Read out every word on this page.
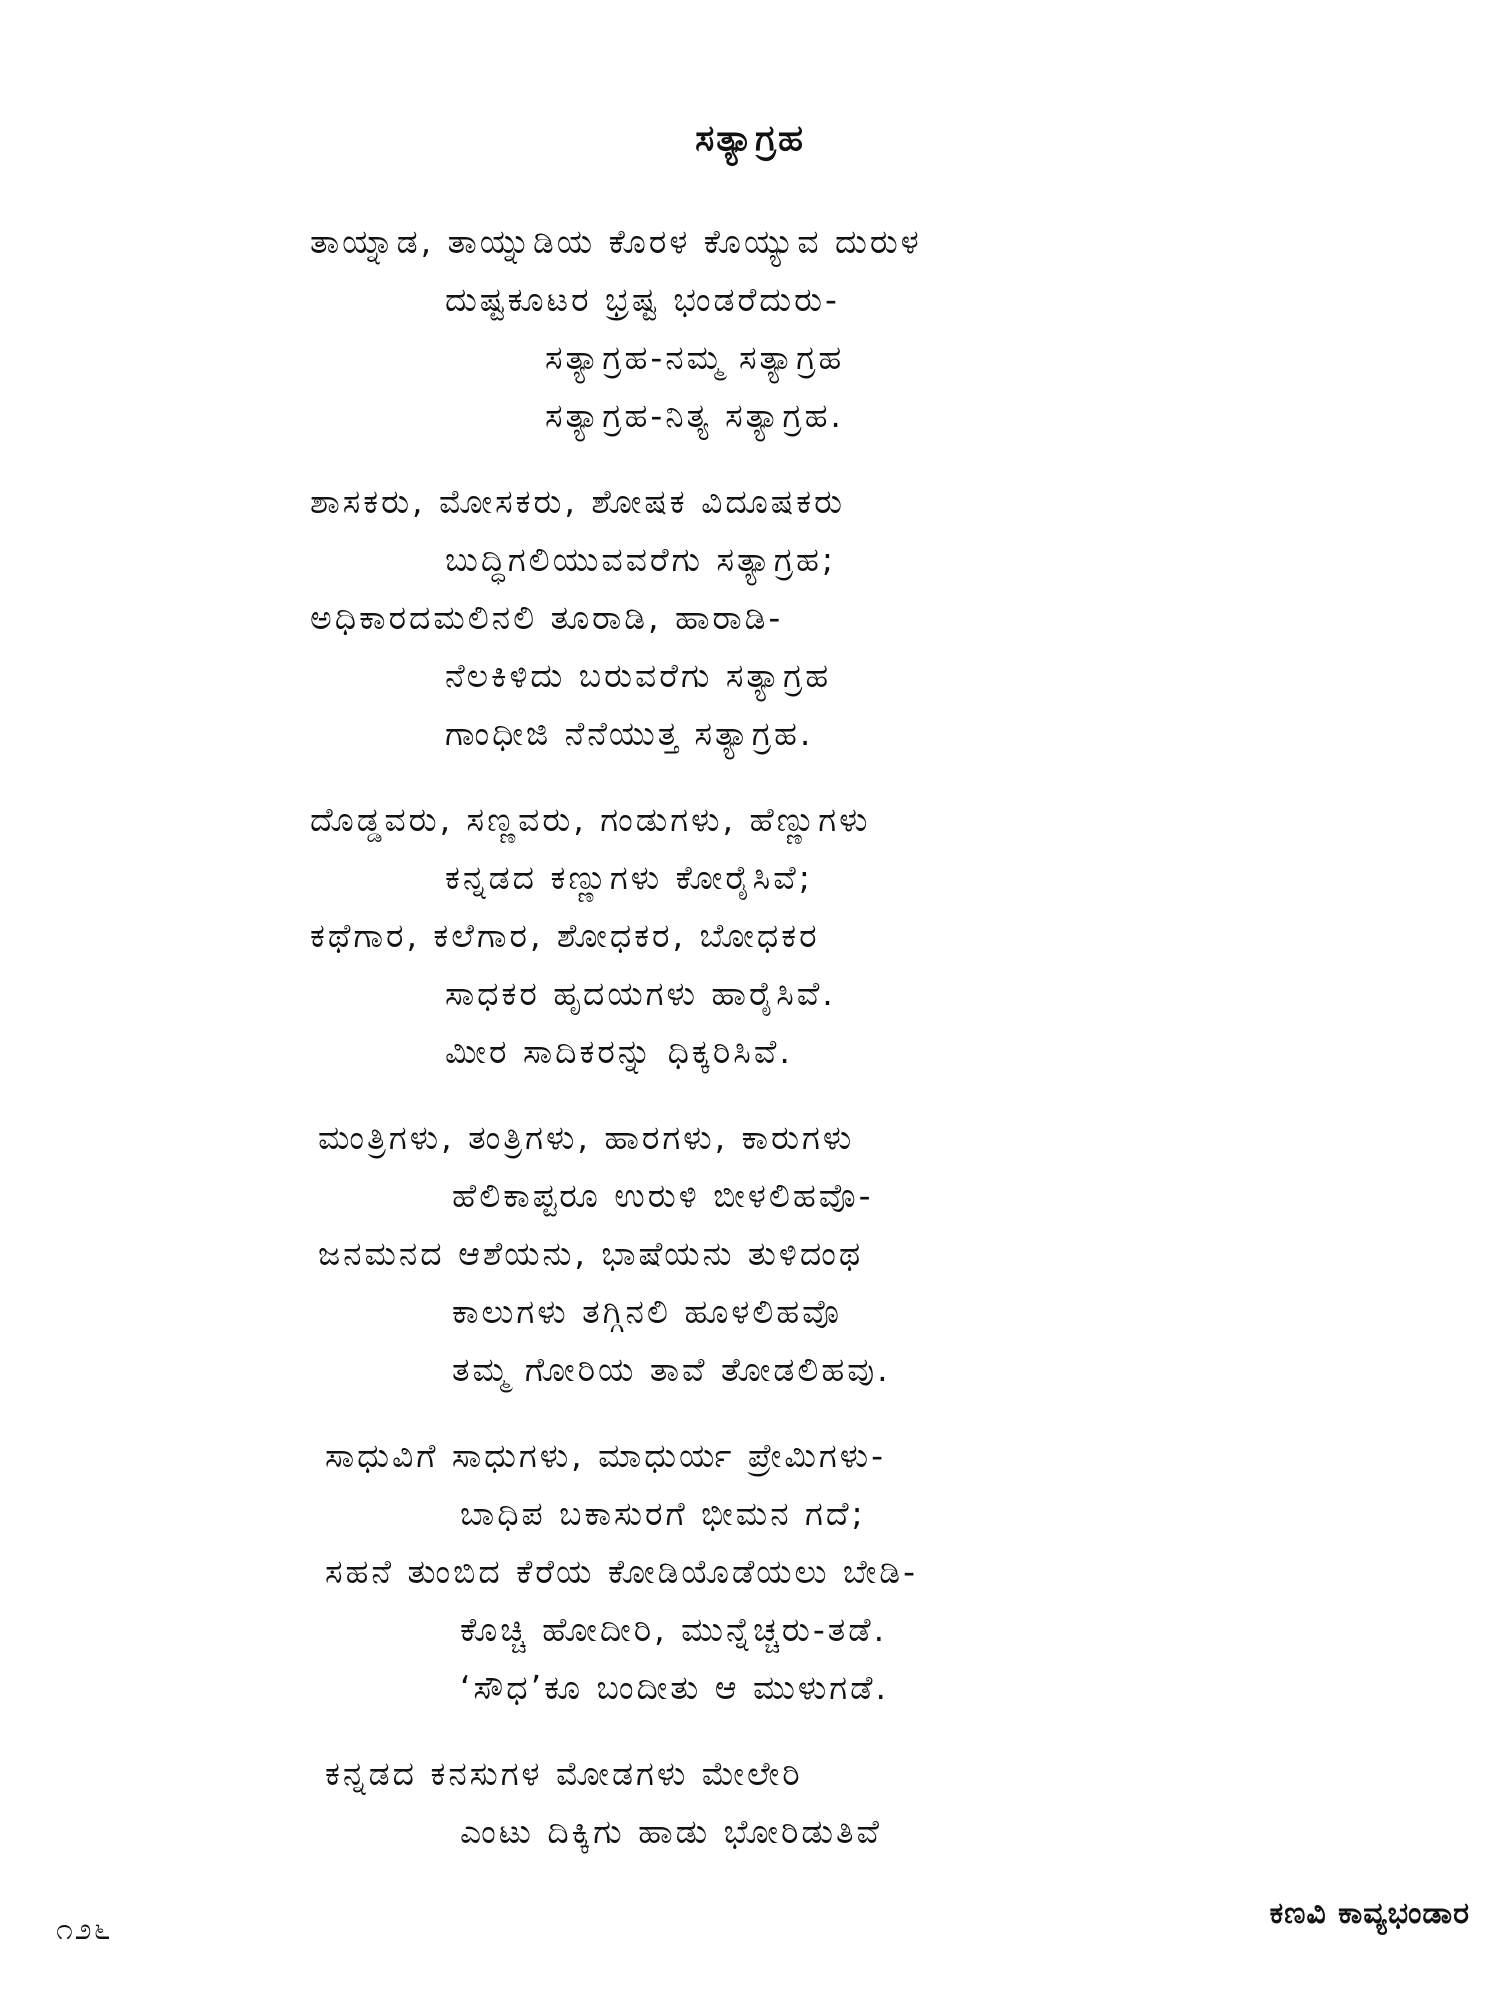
ಸತ್ಯಾಗ್ರಹ
ತಾಯ್ನಾಡ, ತಾಯ್ನುಡಿಯ ಕೊರಳ ಕೊಯ್ಯುವ ದುರುಳ
ದುಷ್ಟಕೂಟರ ಭ್ರಷ್ಟ ಭಂಡರೆದುರು-
ಸತ್ಯಾಗ್ರಹ-ನಮ್ಮ ಸತ್ಯಾಗ್ರಹ
ಸತ್ಯಾಗ್ರಹ-ನಿತ್ಯ ಸತ್ಯಾಗ್ರಹ.
ಶಾಸಕರು, ಮೋಸಕರು, ಶೋಷಕ ವಿದೂಷಕರು
ಬುದ್ಧಿಗಲಿಯುವವರೆಗು ಸತ್ಯಾಗ್ರಹ;
ಅಧಿಕಾರದಮಲಿನಲಿ ತೂರಾಡಿ, ಹಾರಾಡಿ-
ನೆಲಕಿಳಿದು ಬರುವರೆಗು ಸತ್ಯಾಗ್ರಹ
ಗಾಂಧೀಜಿ ನೆನೆಯುತ್ತ ಸತ್ಯಾಗ್ರಹ.
ದೊಡ್ಡವರು, ಸಣ್ಣವರು, ಗಂಡುಗಳು, ಹೆಣ್ಣುಗಳು
ಕನ್ನಡದ ಕಣ್ಣುಗಳು ಕೋರೈಸಿವೆ;
ಕಥೆಗಾರ, ಕಲೆಗಾರ, ಶೋಧಕರ, ಬೋಧಕರ
ಸಾಧಕರ ಹೃದಯಗಳು ಹಾರೈಸಿವೆ.
ಮೀರ ಸಾದಿಕರನ್ನು ಧಿಕ್ಕರಿಸಿವೆ.
ಮಂತ್ರಿಗಳು, ತಂತ್ರಿಗಳು, ಹಾರಗಳು, ಕಾರುಗಳು
ಹೆಲಿಕಾಪ್ಟರೂ ಉರುಳಿ ಬೀಳಲಿಹವೊ-
ಜನಮನದ ಆಶೆಯನು, ಭಾಷೆಯನು ತುಳಿದಂಥ
ಕಾಲುಗಳು ತಗ್ಗಿನಲಿ ಹೂಳಲಿಹವೊ
ತಮ್ಮ ಗೋರಿಯ ತಾವೆ ತೋಡಲಿಹವು.
ಸಾಧುವಿಗೆ ಸಾಧುಗಳು, ಮಾಧುರ್ಯ ಪ್ರೇಮಿಗಳು-
ಬಾಧಿಪ ಬಕಾಸುರಗೆ ಭೀಮನ ಗದೆ;
ಸಹನೆ ತುಂಬಿದ ಕೆರೆಯ ಕೋಡಿಯೊಡೆಯಲು ಬೇಡಿ-
ಕೊಚ್ಚಿ ಹೋದೀರಿ, ಮುನ್ನೆಚ್ಚರು-ತಡೆ.
‘ಸೌಧ’ಕೂ ಬಂದೀತು ಆ ಮುಳುಗಡೆ.
ಕನ್ನಡದ ಕನಸುಗಳ ಮೋಡಗಳು ಮೇಲೇರಿ
ಎಂಟು ದಿಕ್ಕಿಗು ಹಾಡು ಭೋರಿಡುತಿವೆ
೧೨೬	ಕಣವಿ ಕಾವ್ಯಭಂಡಾರ
